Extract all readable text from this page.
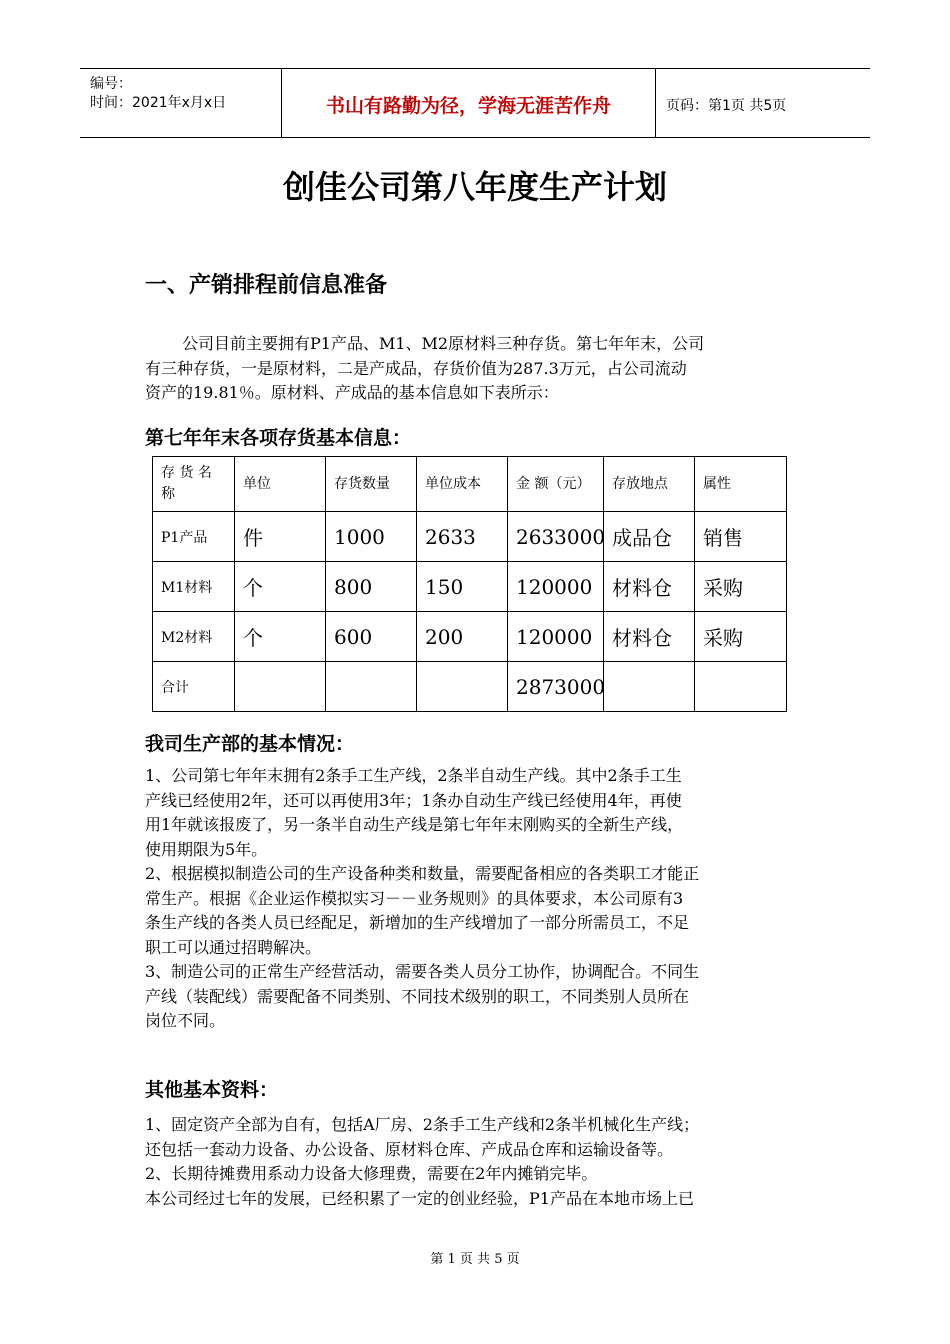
编号：
时间：2021年x月x日	书山有路勤为径，学海无涯苦作舟	页码：第1页 共5页
创佳公司第八年度生产计划
一、产销排程前信息准备
公司目前主要拥有P1产品、M1、M2原材料三种存货。第七年年末，公司
有三种存货，一是原材料，二是产成品，存货价值为287.3万元，占公司流动
资产的19.81％。原材料、产成品的基本信息如下表所示：
第七年年末各项存货基本信息：
存 货 名 称	单位	存货数量	单位成本	金 额（元）	存放地点	属性
P1产品	件	1000	2633	2633000	成品仓	销售
M1材料	个	800	150	120000	材料仓	采购
M2材料	个	600	200	120000	材料仓	采购
合计				2873000		
我司生产部的基本情况：
1、公司第七年年末拥有2条手工生产线，2条半自动生产线。其中2条手工生
产线已经使用2年，还可以再使用3年；1条办自动生产线已经使用4年，再使
用1年就该报废了，另一条半自动生产线是第七年年末刚购买的全新生产线，
使用期限为5年。
2、根据模拟制造公司的生产设备种类和数量，需要配备相应的各类职工才能正
常生产。根据《企业运作模拟实习－－业务规则》的具体要求，本公司原有3
条生产线的各类人员已经配足，新增加的生产线增加了一部分所需员工，不足
职工可以通过招聘解决。
3、制造公司的正常生产经营活动，需要各类人员分工协作，协调配合。不同生
产线（装配线）需要配备不同类别、不同技术级别的职工，不同类别人员所在
岗位不同。
其他基本资料：
1、固定资产全部为自有，包括A厂房、2条手工生产线和2条半机械化生产线；
还包括一套动力设备、办公设备、原材料仓库、产成品仓库和运输设备等。
2、长期待摊费用系动力设备大修理费，需要在2年内摊销完毕。
本公司经过七年的发展，已经积累了一定的创业经验，P1产品在本地市场上已
第 1 页 共 5 页
